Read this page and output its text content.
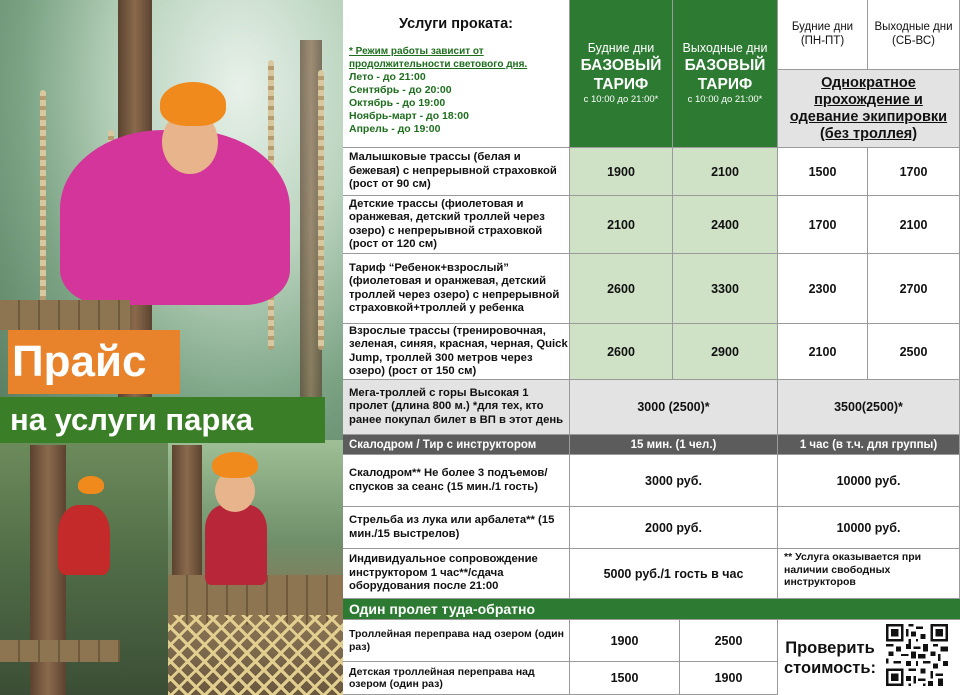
Прайс
на услуги парка
Услуги проката:
* Режим работы зависит от продолжительности светового дня.
Лето - до 21:00
Сентябрь - до 20:00
Октябрь - до 19:00
Ноябрь-март - до 18:00
Апрель - до 19:00
Будние дни
БАЗОВЫЙ ТАРИФ
с 10:00 до 21:00*
Выходные дни
БАЗОВЫЙ ТАРИФ
с 10:00 до 21:00*
Будние дни
(ПН-ПТ)
Выходные дни
(СБ-ВС)
Однократное прохождение и одевание экипировки (без троллея)
Малышковые трассы (белая и бежевая) с непрерывной страховкой (рост от 90 см)
1900	2100	1500	1700
Детские трассы (фиолетовая и оранжевая, детский троллей через озеро) с непрерывной страховкой (рост от 120 см)
2100	2400	1700	2100
Тариф “Ребенок+взрослый” (фиолетовая и оранжевая, детский троллей через озеро) с непрерывной страховкой+троллей у ребенка
2600	3300	2300	2700
Взрослые трассы (тренировочная, зеленая, синяя, красная, черная, Quick Jump, троллей 300 метров через озеро) (рост от 150 см)
2600	2900	2100	2500
Мега-троллей с горы Высокая 1 пролет (длина 800 м.) *для тех, кто ранее покупал билет в ВП в этот день
3000 (2500)*	3500(2500)*
Скалодром / Тир с инструктором	15 мин. (1 чел.)	1 час (в т.ч. для группы)
Скалодром** Не более 3 подъемов/спусков за сеанс (15 мин./1 гость)	3000 руб.	10000 руб.
Стрельба из лука или арбалета** (15 мин./15 выстрелов)	2000 руб.	10000 руб.
Индивидуальное сопровождение инструктором 1 час**/сдача оборудования после 21:00
5000 руб./1 гость в час
** Услуга оказывается при наличии свободных инструкторов
Один пролет туда-обратно
Троллейная переправа над озером (один раз)	1900	2500
Детская троллейная переправа над озером (один раз)	1500	1900
Проверить стоимость:
